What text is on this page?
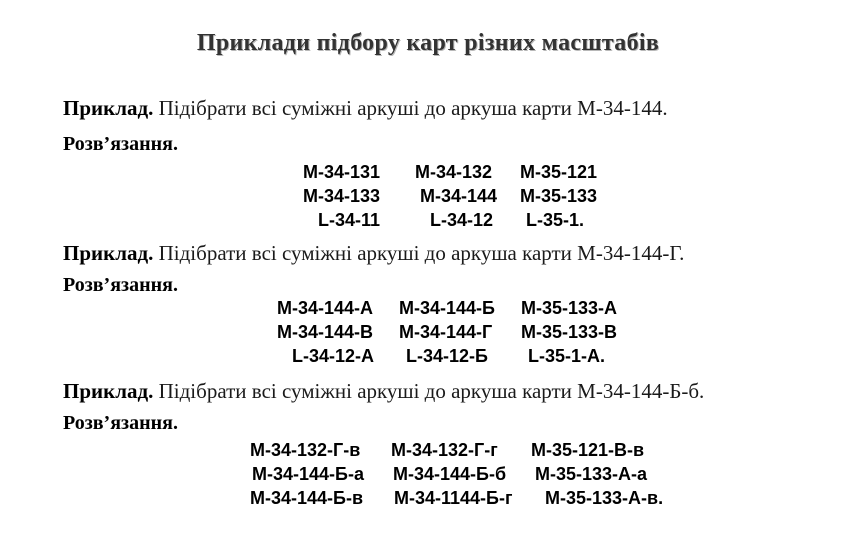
Приклади підбору карт різних масштабів
Приклад. Підібрати всі суміжні аркуші до аркуша карти М-34-144.
Розв’язання.
М-34-131 М-34-132 М-35-121
М-34-133 М-34-144 М-35-133
L-34-11	L-34-12 L-35-1.
Приклад. Підібрати всі суміжні аркуші до аркуша карти М-34-144-Г.
Розв’язання.
М-34-144-А М-34-144-Б М-35-133-А
М-34-144-В М-34-144-Г М-35-133-В
L-34-12-А L-34-12-Б L-35-1-А.
Приклад. Підібрати всі суміжні аркуші до аркуша карти М-34-144-Б-б.
Розв’язання.
М-34-132-Г-в М-34-132-Г-г М-35-121-В-в
М-34-144-Б-а М-34-144-Б-б М-35-133-А-а
М-34-144-Б-в М-34-1144-Б-г М-35-133-А-в.
